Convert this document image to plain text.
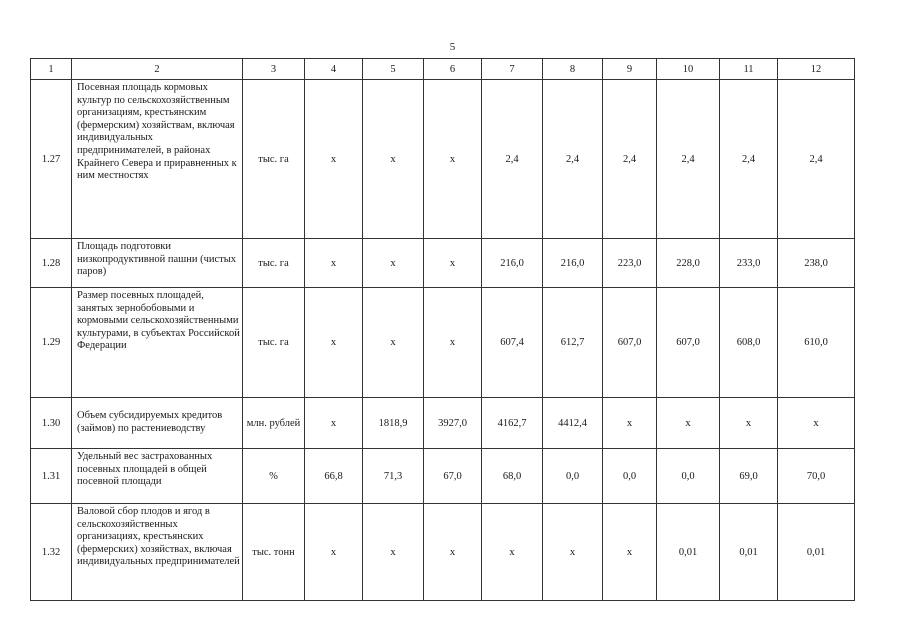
5
1	2	3	4	5	6	7	8	9	10	11	12
1.27	Посевная площадь кормовых культур по сельскохозяйственным организациям, крестьянским (фермерским) хозяйствам, включая индивидуальных предпринимателей, в районах Крайнего Севера и приравненных к ним местностях	тыс. га	х	х	х	2,4	2,4	2,4	2,4	2,4	2,4
1.28	Площадь подготовки низкопродуктивной пашни (чистых паров)	тыс. га	х	х	х	216,0	216,0	223,0	228,0	233,0	238,0
1.29	Размер посевных площадей, занятых зернобобовыми и кормовыми сельскохозяйственными культурами, в субъектах Российской Федерации	тыс. га	х	х	х	607,4	612,7	607,0	607,0	608,0	610,0
1.30	Объем субсидируемых кредитов (займов) по растениеводству	млн. рублей	х	1818,9	3927,0	4162,7	4412,4	х	х	х	х
1.31	Удельный вес застрахованных посевных площадей в общей посевной площади	%	66,8	71,3	67,0	68,0	0,0	0,0	0,0	69,0	70,0
1.32	Валовой сбор плодов и ягод в сельскохозяйственных организациях, крестьянских (фермерских) хозяйствах, включая индивидуальных предпринимателей	тыс. тонн	х	х	х	х	х	х	0,01	0,01	0,01
